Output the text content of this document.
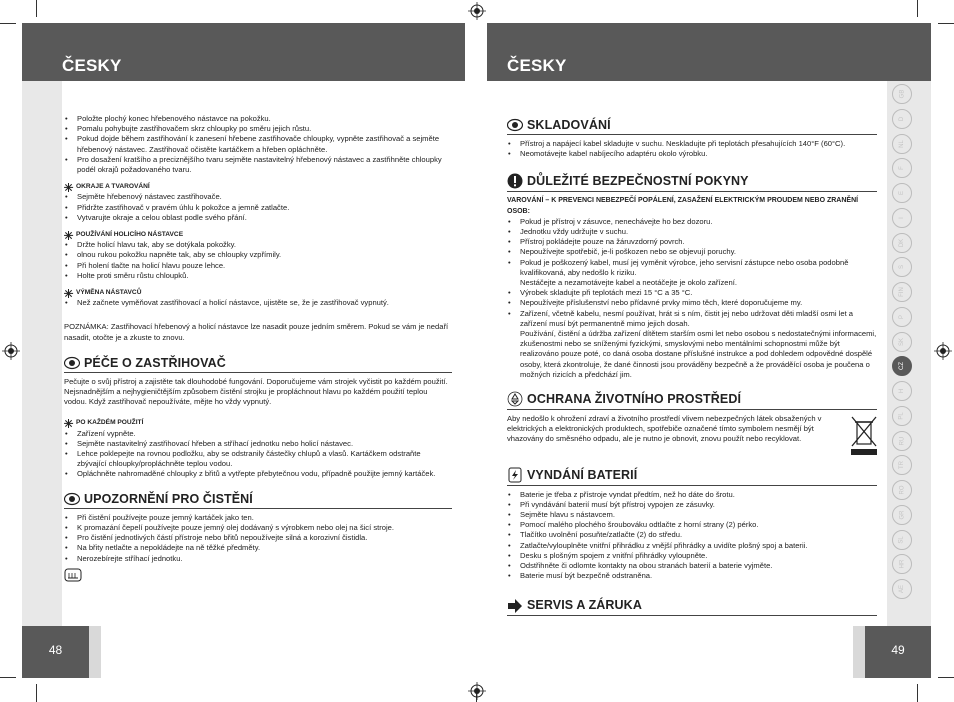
ČESKY	ČESKY
GB
D
NL
F
E
I
DK
S
FIN
P
SK
CZ
H
PL
RU
TR
RO
GR
SL
HR
AE
• Položte plochý konec hřebenového nástavce na pokožku.
• Pomalu pohybujte zastřihovačem skrz chloupky po směru jejich růstu.
• Pokud dojde během zastřihování k zanesení hřebene zastřihovače chloupky, vypněte zastřihovač a sejměte hřebenový nástavec. Zastřihovač očistěte kartáčkem a hřeben opláchněte.
• Pro dosažení kratšího a preciznějšího tvaru sejměte nastavitelný hřebenový nástavec a zastřihněte chloupky podél okrajů požadovaného tvaru.
OKRAJE A TVAROVÁNÍ
• Sejměte hřebenový nástavec zastřihovače.
• Přidržte zastřihovač v pravém úhlu k pokožce a jemně zatlačte.
• Vytvarujte okraje a celou oblast podle svého přání.
POUŽÍVÁNÍ HOLICÍHO NÁSTAVCE
• Držte holicí hlavu tak, aby se dotýkala pokožky.
• olnou rukou pokožku napněte tak, aby se chloupky vzpřímily.
• Při holení tlačte na holicí hlavu pouze lehce.
• Holte proti směru růstu chloupků.
VÝMĚNA NÁSTAVCŮ
• Než začnete vyměňovat zastřihovací a holicí nástavce, ujistěte se, že je zastřihovač vypnutý.

POZNÁMKA: Zastřihovací hřebenový a holicí nástavce lze nasadit pouze jedním směrem. Pokud se vám je nedaří nasadit, otočte je a zkuste to znovu.

PÉČE O ZASTŘIHOVAČ

Pečujte o svůj přístroj a zajistěte tak dlouhodobé fungování. Doporučujeme vám strojek vyčistit po každém použití. Nejsnadnějším a nejhygieničtějším způsobem čistění strojku je propláchnout hlavu po každém použití teplou vodou. Když zastřihovač nepoužíváte, mějte ho vždy vypnutý.

PO KAŽDÉM POUŽITÍ
• Zařízení vypněte.
• Sejměte nastavitelný zastřihovací hřeben a stříhací jednotku nebo holicí nástavec.
• Lehce poklepejte na rovnou podložku, aby se odstranily částečky chlupů a vlasů. Kartáčkem odstraňte zbývající chloupky/propláchněte teplou vodou.
• Opláchněte nahromaděné chloupky z břitů a vytřepte přebytečnou vodu, případně použijte jemný kartáček.
UPOZORNĚNÍ PRO ČISTĚNÍ
• Při čistění používejte pouze jemný kartáček jako ten.
• K promazání čepelí používejte pouze jemný olej dodávaný s výrobkem nebo olej na šicí stroje.
• Pro čistění jednotlivých částí přístroje nebo břitů nepoužívejte silná a korozivní čistidla.
• Na břity netlačte a nepokládejte na ně těžké předměty.
• Nerozebírejte stříhací jednotku.
SKLADOVÁNÍ
• Přístroj a napájecí kabel skladujte v suchu. Neskladujte při teplotách přesahujících 140°F (60°C).
• Neomotávejte kabel nabíjecího adaptéru okolo výrobku.
DŮLEŽITÉ BEZPEČNOSTNÍ POKYNY

VAROVÁNÍ – K PREVENCI NEBEZPEČÍ POPÁLENÍ, ZASAŽENÍ ELEKTRICKÝM PROUDEM NEBO ZRANĚNÍ OSOB:

• Pokud je přístroj v zásuvce, nenechávejte ho bez dozoru.
• Jednotku vždy udržujte v suchu.
• Přístroj pokládejte pouze na žáruvzdorný povrch.
• Nepoužívejte spotřebič, je-li poškozen nebo se objevují poruchy.
• Pokud je poškozený kabel, musí jej vyměnit výrobce, jeho servisní zástupce nebo osoba podobně kvalifikovaná, aby nedošlo k riziku.
Nestáčejte a nezamotávejte kabel a neotáčejte je okolo zařízení.
• Výrobek skladujte při teplotách mezi 15 °C a 35 °C.
• Nepoužívejte příslušenství nebo přídavné prvky mimo těch, které doporučujeme my.
• Zařízení, včetně kabelu, nesmí používat, hrát si s ním, čistit jej nebo udržovat děti mladší osmi let a zařízení musí být permanentně mimo jejich dosah.
Používání, čistění a údržba zařízení dítětem starším osmi let nebo osobou s nedostatečnými informacemi, zkušenostmi nebo se sníženými fyzickými, smyslovými nebo mentálními schopnostmi může být realizováno pouze poté, co daná osoba dostane příslušné instrukce a pod dohledem odpovědné dospělé osoby, která zkontroluje, že dané činnosti jsou prováděny bezpečně a že prováděící osoba je poučena o možných rizicích a předchází jim.
OCHRANA ŽIVOTNÍHO PROSTŘEDÍ

Aby nedošlo k ohrožení zdraví a životního prostředí vlivem nebezpečných látek obsažených v elektrických a elektronických produktech, spotřebiče označené tímto symbolem nesmějí být vhazovány do směsného odpadu, ale je nutno je obnovit, znovu použít nebo recyklovat.

VYNDÁNÍ BATERIÍ
• Baterie je třeba z přístroje vyndat předtím, než ho dáte do šrotu.
• Při vyndávání baterií musí být přístroj vypojen ze zásuvky.
• Sejměte hlavu s nástavcem.
• Pomocí malého plochého šroubováku odtlačte z horní strany (2) pérko.
• Tlačítko uvolnění posuňte/zatlačte (2) do středu.
• Zatlačte/vylouplněte vnitřní přihrádku z vnější přihrádky a uvidíte plošný spoj a baterii.
• Desku s plošným spojem z vnitřní přihrádky vyloupněte.
• Odstřihněte či odlomte kontakty na obou stranách baterií a baterie vyjměte.
• Baterie musí být bezpečně odstraněna.
SERVIS A ZÁRUKA
48	49
